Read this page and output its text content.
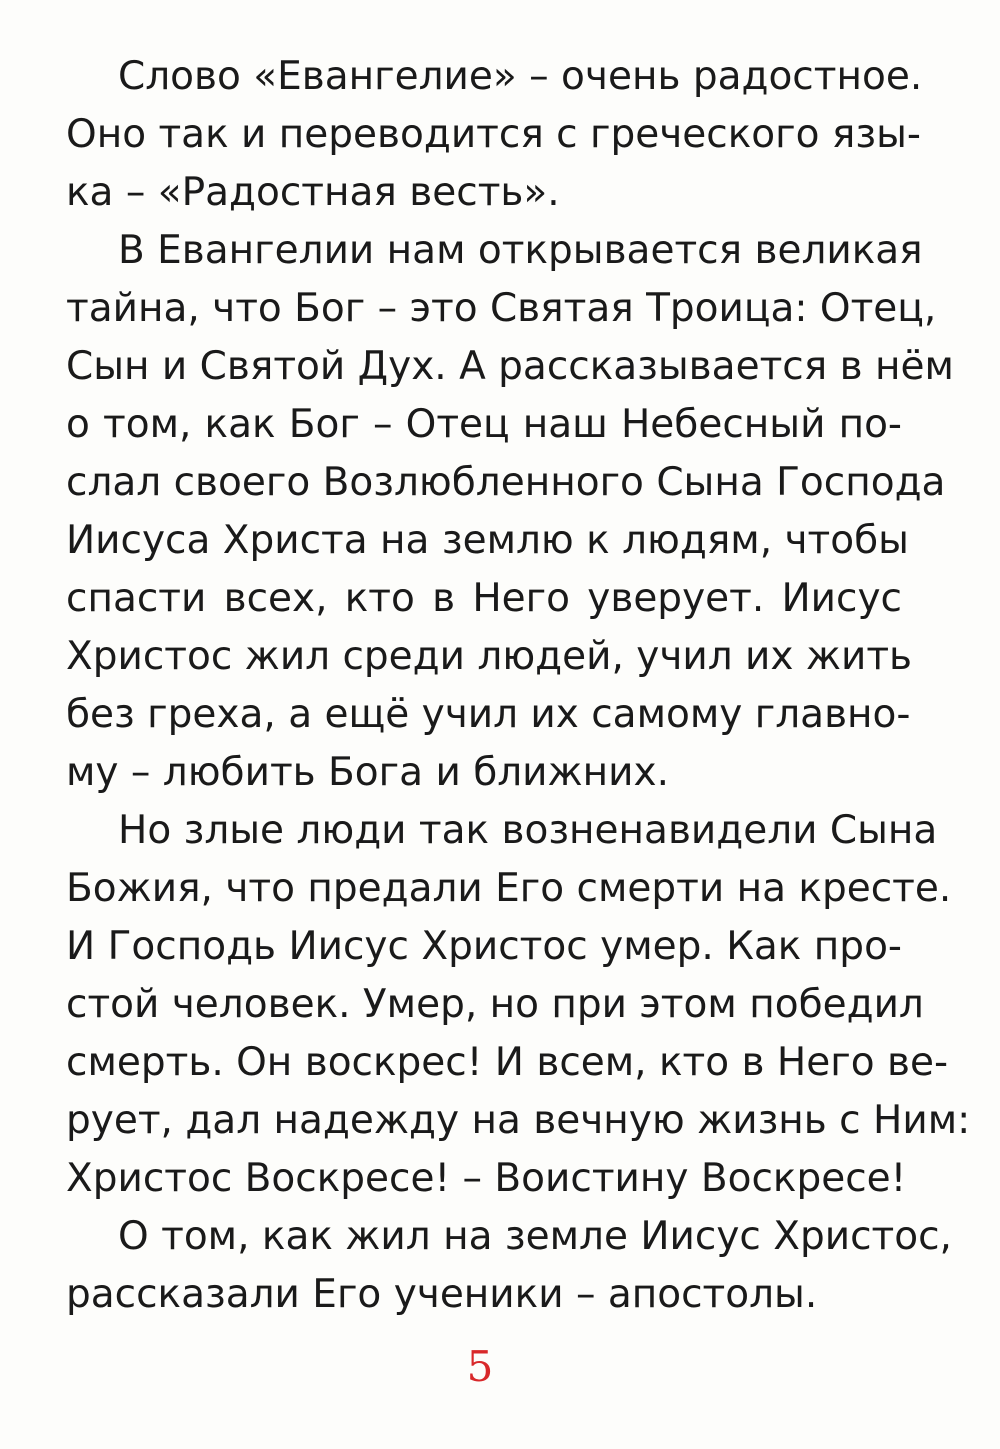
Слово «Евангелие» – очень радостное.
Оно так и переводится с греческого язы-
ка – «Радостная весть».
В Евангелии нам открывается великая
тайна, что Бог – это Святая Троица: Отец,
Сын и Святой Дух. А рассказывается в нём
о том, как Бог – Отец наш Небесный по-
слал своего Возлюбленного Сына Господа
Иисуса Христа на землю к людям, чтобы
спасти всех, кто в Него уверует. Иисус
Христос жил среди людей, учил их жить
без греха, а ещё учил их самому главно-
му – любить Бога и ближних.
Но злые люди так возненавидели Сына
Божия, что предали Его смерти на кресте.
И Господь Иисус Христос умер. Как про-
стой человек. Умер, но при этом победил
смерть. Он воскрес! И всем, кто в Него ве-
рует, дал надежду на вечную жизнь с Ним:
Христос Воскресе! – Воистину Воскресе!
О том, как жил на земле Иисус Христос,
рассказали Его ученики – апостолы.
5
